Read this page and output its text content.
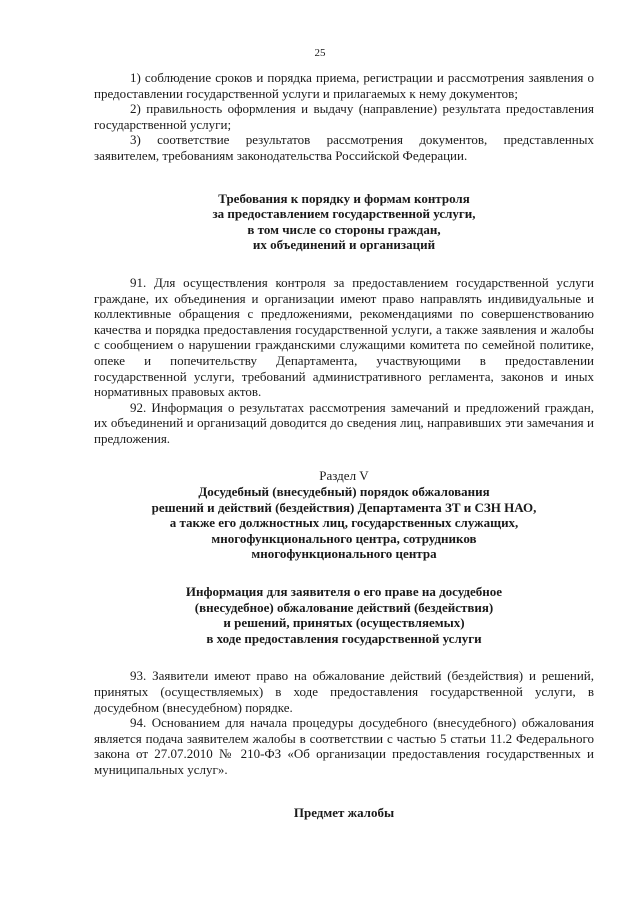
25

1) соблюдение сроков и порядка приема, регистрации и рассмотрения заявления о предоставлении государственной услуги и прилагаемых к нему документов;

2) правильность оформления и выдачу (направление) результата предоставления государственной услуги;

3) соответствие результатов рассмотрения документов, представленных заявителем, требованиям законодательства Российской Федерации.

Требования к порядку и формам контроля
за предоставлением государственной услуги,
в том числе со стороны граждан,
их объединений и организаций

91. Для осуществления контроля за предоставлением государственной услуги граждане, их объединения и организации имеют право направлять индивидуальные и коллективные обращения с предложениями, рекомендациями по совершенствованию качества и порядка предоставления государственной услуги, а также заявления и жалобы с сообщением о нарушении гражданскими служащими комитета по семейной политике, опеке и попечительству Департамента, участвующими в предоставлении государственной услуги, требований административного регламента, законов и иных нормативных правовых актов.

92. Информация о результатах рассмотрения замечаний и предложений граждан, их объединений и организаций доводится до сведения лиц, направивших эти замечания и предложения.

Раздел V
Досудебный (внесудебный) порядок обжалования
решений и действий (бездействия) Департамента ЗТ и СЗН НАО,
а также его должностных лиц, государственных служащих,
многофункционального центра, сотрудников
многофункционального центра
Информация для заявителя о его праве на досудебное
(внесудебное) обжалование действий (бездействия)
и решений, принятых (осуществляемых)
в ходе предоставления государственной услуги

93. Заявители имеют право на обжалование действий (бездействия) и решений, принятых (осуществляемых) в ходе предоставления государственной услуги, в досудебном (внесудебном) порядке.

94. Основанием для начала процедуры досудебного (внесудебного) обжалования является подача заявителем жалобы в соответствии с частью 5 статьи 11.2 Федерального закона от 27.07.2010 № 210-ФЗ «Об организации предоставления государственных и муниципальных услуг».

Предмет жалобы
